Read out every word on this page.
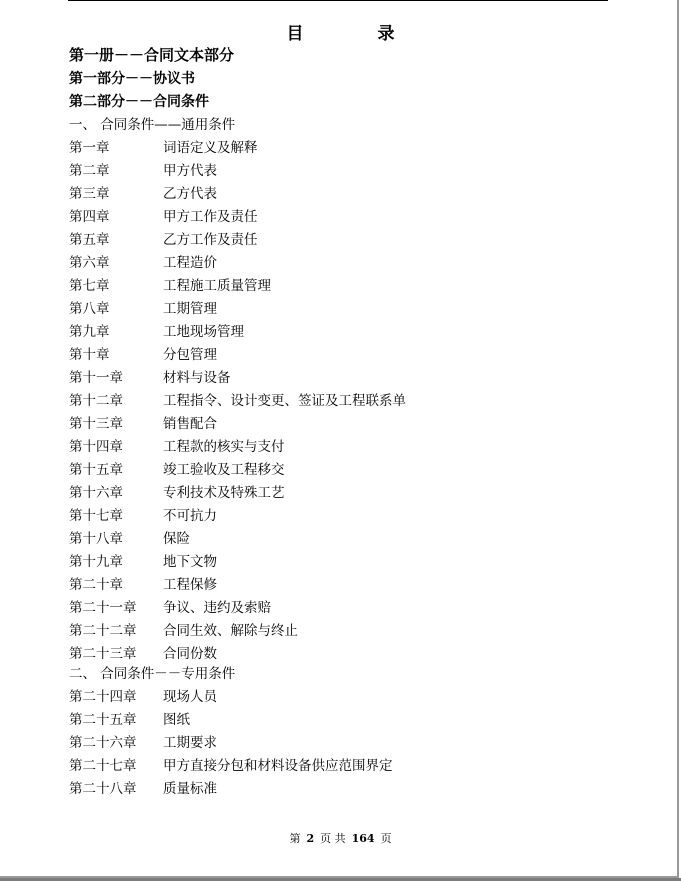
目 录
第一册－－合同文本部分
第一部分－－协议书
第二部分－－合同条件
一、 合同条件——通用条件
第一章	词语定义及解释
第二章	甲方代表
第三章	乙方代表
第四章	甲方工作及责任
第五章	乙方工作及责任
第六章	工程造价
第七章	工程施工质量管理
第八章	工期管理
第九章	工地现场管理
第十章	分包管理
第十一章	材料与设备
第十二章	工程指令、设计变更、签证及工程联系单
第十三章	销售配合
第十四章	工程款的核实与支付
第十五章	竣工验收及工程移交
第十六章	专利技术及特殊工艺
第十七章	不可抗力
第十八章	保险
第十九章	地下文物
第二十章	工程保修
第二十一章 争议、违约及索赔
第二十二章 合同生效、解除与终止
第二十三章 合同份数
二、 合同条件－－专用条件
第二十四章 现场人员
第二十五章 图纸
第二十六章 工期要求
第二十七章 甲方直接分包和材料设备供应范围界定
第二十八章 质量标准
第 2 页 共 164 页
